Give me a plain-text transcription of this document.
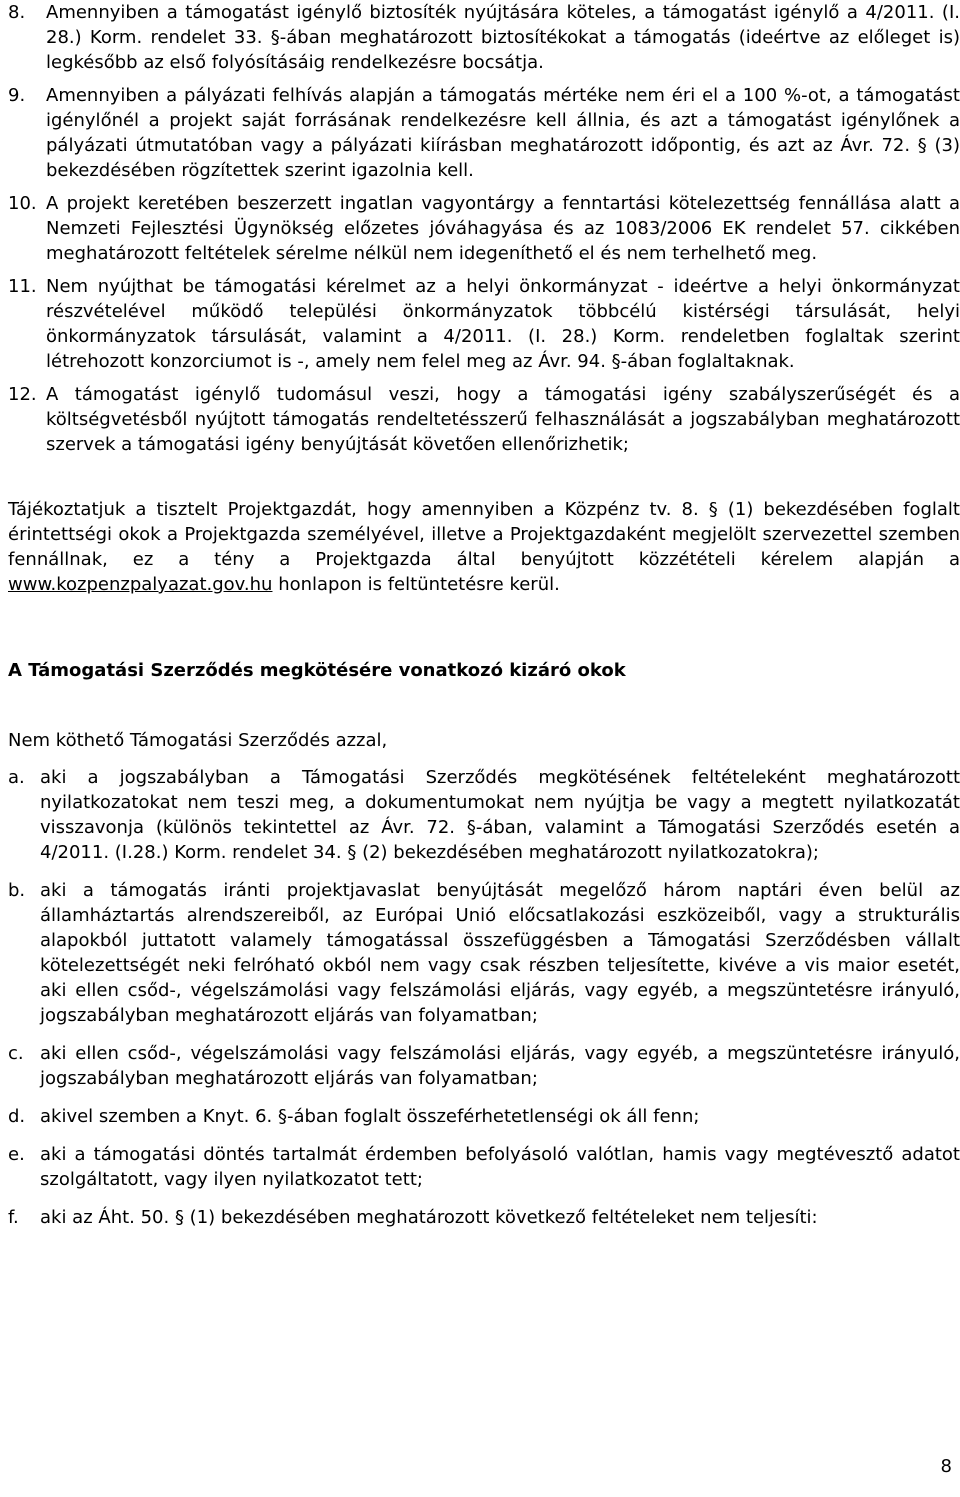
8.	Amennyiben a támogatást igénylő biztosíték nyújtására köteles, a támogatást igénylő a 4/2011. (I. 28.) Korm. rendelet 33. §-ában meghatározott biztosítékokat a támogatás (ideértve az előleget is) legkésőbb az első folyósításáig rendelkezésre bocsátja.
9.	Amennyiben a pályázati felhívás alapján a támogatás mértéke nem éri el a 100 %-ot, a támogatást igénylőnél a projekt saját forrásának rendelkezésre kell állnia, és azt a támogatást igénylőnek a pályázati útmutatóban vagy a pályázati kiírásban meghatározott időpontig, és azt az Ávr. 72. § (3) bekezdésében rögzítettek szerint igazolnia kell.
10. A projekt keretében beszerzett ingatlan vagyontárgy a fenntartási kötelezettség fennállása alatt a Nemzeti Fejlesztési Ügynökség előzetes jóváhagyása és az 1083/2006 EK rendelet 57. cikkében meghatározott feltételek sérelme nélkül nem idegeníthető el és nem terhelhető meg.
11. Nem nyújthat be támogatási kérelmet az a helyi önkormányzat - ideértve a helyi önkormányzat részvételével működő települési önkormányzatok többcélú kistérségi társulását, helyi önkormányzatok társulását, valamint a 4/2011. (I. 28.) Korm. rendeletben foglaltak szerint létrehozott konzorciumot is -, amely nem felel meg az Ávr. 94. §-ában foglaltaknak.
12. A támogatást igénylő tudomásul veszi, hogy a támogatási igény szabályszerűségét és a költségvetésből nyújtott támogatás rendeltetésszerű felhasználását a jogszabályban meghatározott szervek a támogatási igény benyújtását követően ellenőrizhetik;
Tájékoztatjuk a tisztelt Projektgazdát, hogy amennyiben a Közpénz tv. 8. § (1) bekezdésében foglalt érintettségi okok a Projektgazda személyével, illetve a Projektgazdaként megjelölt szervezettel szemben fennállnak, ez a tény a Projektgazda által benyújtott közzétételi kérelem alapján a www.kozpenzpalyazat.gov.hu honlapon is feltüntetésre kerül.
A Támogatási Szerződés megkötésére vonatkozó kizáró okok
Nem köthető Támogatási Szerződés azzal,
a. aki a jogszabályban a Támogatási Szerződés megkötésének feltételeként meghatározott nyilatkozatokat nem teszi meg, a dokumentumokat nem nyújtja be vagy a megtett nyilatkozatát visszavonja (különös tekintettel az Ávr. 72. §-ában, valamint a Támogatási Szerződés esetén a 4/2011. (I.28.) Korm. rendelet 34. § (2) bekezdésében meghatározott nyilatkozatokra);
b. aki a támogatás iránti projektjavaslat benyújtását megelőző három naptári éven belül az államháztartás alrendszereiből, az Európai Unió előcsatlakozási eszközeiből, vagy a strukturális alapokból juttatott valamely támogatással összefüggésben a Támogatási Szerződésben vállalt kötelezettségét neki felróható okból nem vagy csak részben teljesítette, kivéve a vis maior esetét, aki ellen csőd-, végelszámolási vagy felszámolási eljárás, vagy egyéb, a megszüntetésre irányuló, jogszabályban meghatározott eljárás van folyamatban;
c. aki ellen csőd-, végelszámolási vagy felszámolási eljárás, vagy egyéb, a megszüntetésre irányuló, jogszabályban meghatározott eljárás van folyamatban;
d. akivel szemben a Knyt. 6. §-ában foglalt összeférhetetlenségi ok áll fenn;
e. aki a támogatási döntés tartalmát érdemben befolyásoló valótlan, hamis vagy megtévesztő adatot szolgáltatott, vagy ilyen nyilatkozatot tett;
f.	aki az Áht. 50. § (1) bekezdésében meghatározott következő feltételeket nem teljesíti:
8
